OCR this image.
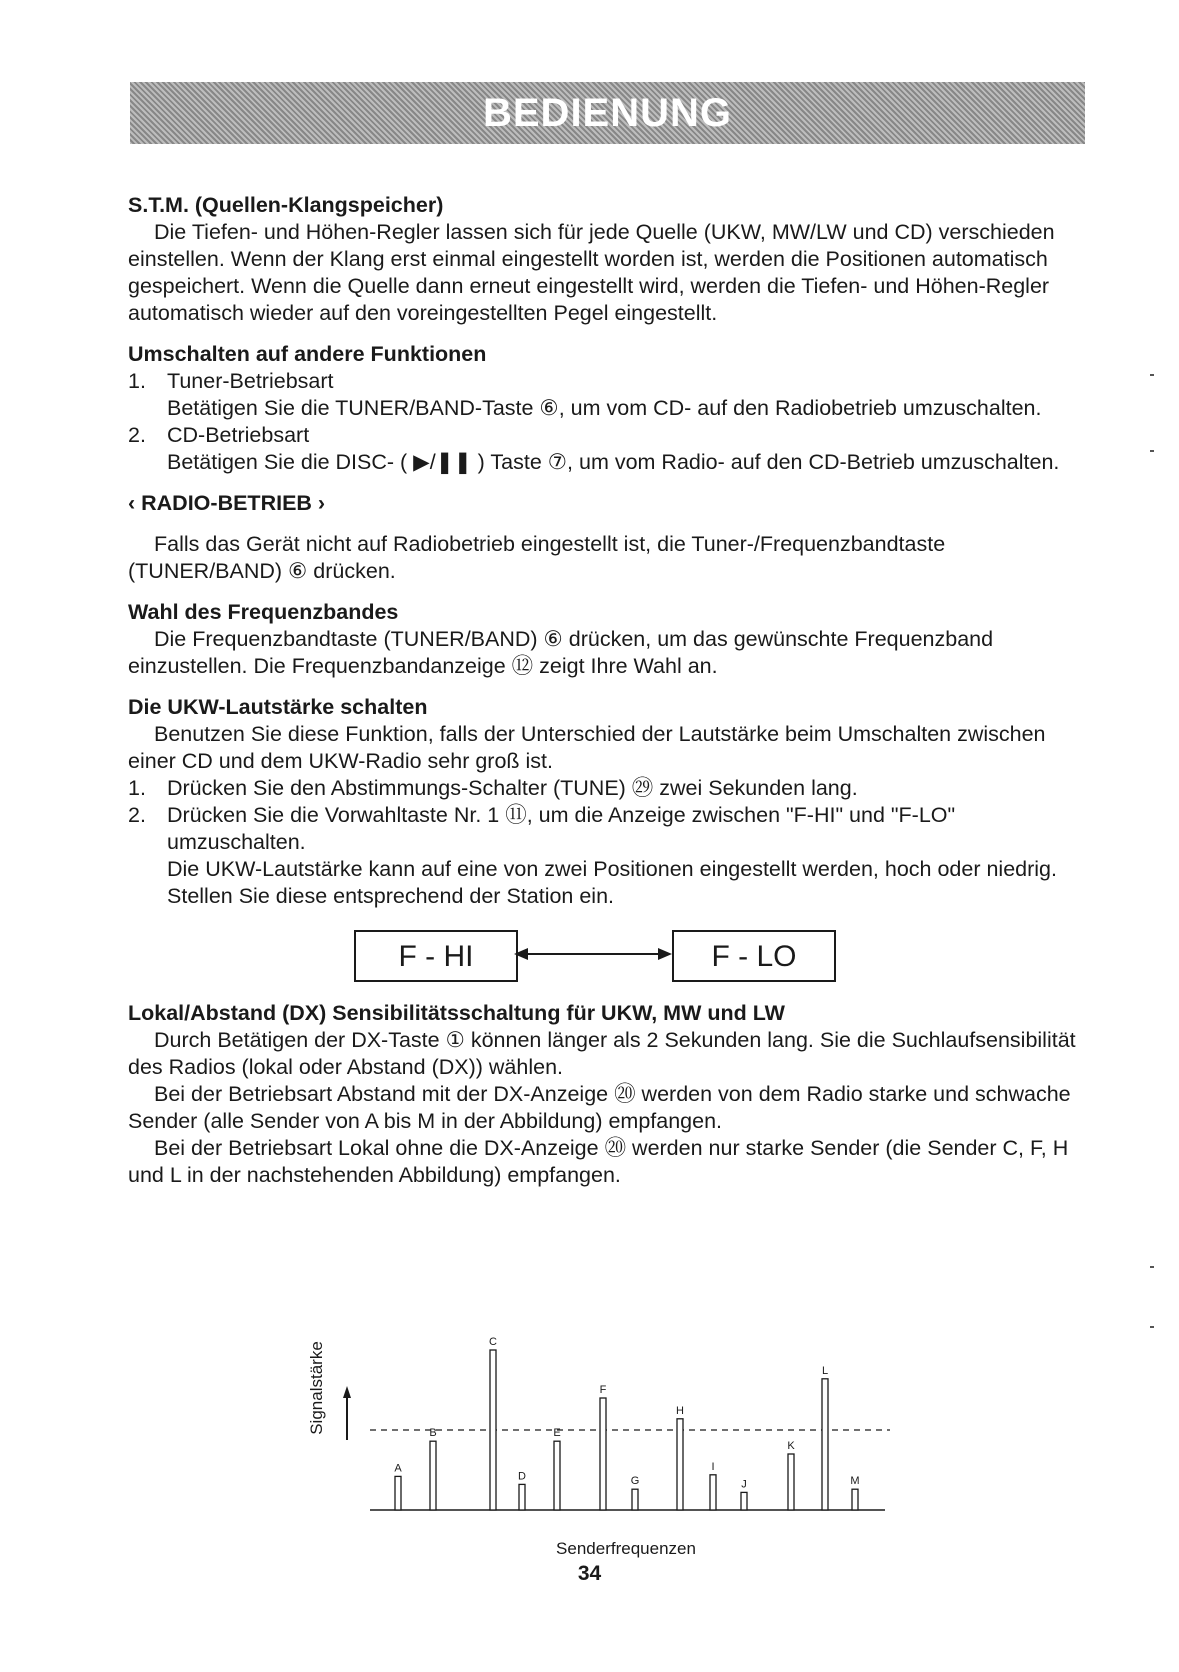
BEDIENUNG
S.T.M. (Quellen-Klangspeicher)

Die Tiefen- und Höhen-Regler lassen sich für jede Quelle (UKW, MW/LW und CD) verschieden einstellen. Wenn der Klang erst einmal eingestellt worden ist, werden die Positionen automatisch gespeichert. Wenn die Quelle dann erneut eingestellt wird, werden die Tiefen- und Höhen-Regler automatisch wieder auf den voreingestellten Pegel eingestellt.

Umschalten auf andere Funktionen
1. Tuner-Betriebsart
Betätigen Sie die TUNER/BAND-Taste ⑥, um vom CD- auf den Radiobetrieb umzuschalten.
2. CD-Betriebsart
Betätigen Sie die DISC- ( ▶/❚❚ ) Taste ⑦, um vom Radio- auf den CD-Betrieb umzuschalten.
‹ RADIO-BETRIEB ›

Falls das Gerät nicht auf Radiobetrieb eingestellt ist, die Tuner-/Frequenzbandtaste (TUNER/BAND) ⑥ drücken.

Wahl des Frequenzbandes

Die Frequenzbandtaste (TUNER/BAND) ⑥ drücken, um das gewünschte Frequenzband einzustellen. Die Frequenzbandanzeige ⑫ zeigt Ihre Wahl an.

Die UKW-Lautstärke schalten

Benutzen Sie diese Funktion, falls der Unterschied der Lautstärke beim Umschalten zwischen einer CD und dem UKW-Radio sehr groß ist.

1. Drücken Sie den Abstimmungs-Schalter (TUNE) ㉙ zwei Sekunden lang.
2. Drücken Sie die Vorwahltaste Nr. 1 ⑪, um die Anzeige zwischen "F-HI" und "F-LO" umzuschalten.
Die UKW-Lautstärke kann auf eine von zwei Positionen eingestellt werden, hoch oder niedrig. Stellen Sie diese entsprechend der Station ein.
F - HI	F - LO
Lokal/Abstand (DX) Sensibilitätsschaltung für UKW, MW und LW

Durch Betätigen der DX-Taste ① können länger als 2 Sekunden lang. Sie die Suchlaufsensibilität des Radios (lokal oder Abstand (DX)) wählen.

Bei der Betriebsart Abstand mit der DX-Anzeige ⑳ werden von dem Radio starke und schwache Sender (alle Sender von A bis M in der Abbildung) empfangen.

Bei der Betriebsart Lokal ohne die DX-Anzeige ⑳ werden nur starke Sender (die Sender C, F, H und L in der nachstehenden Abbildung) empfangen.

Signalstärke
A
B
C
D
E
F
G
H
I
J
K
L
M
Senderfrequenzen
34
